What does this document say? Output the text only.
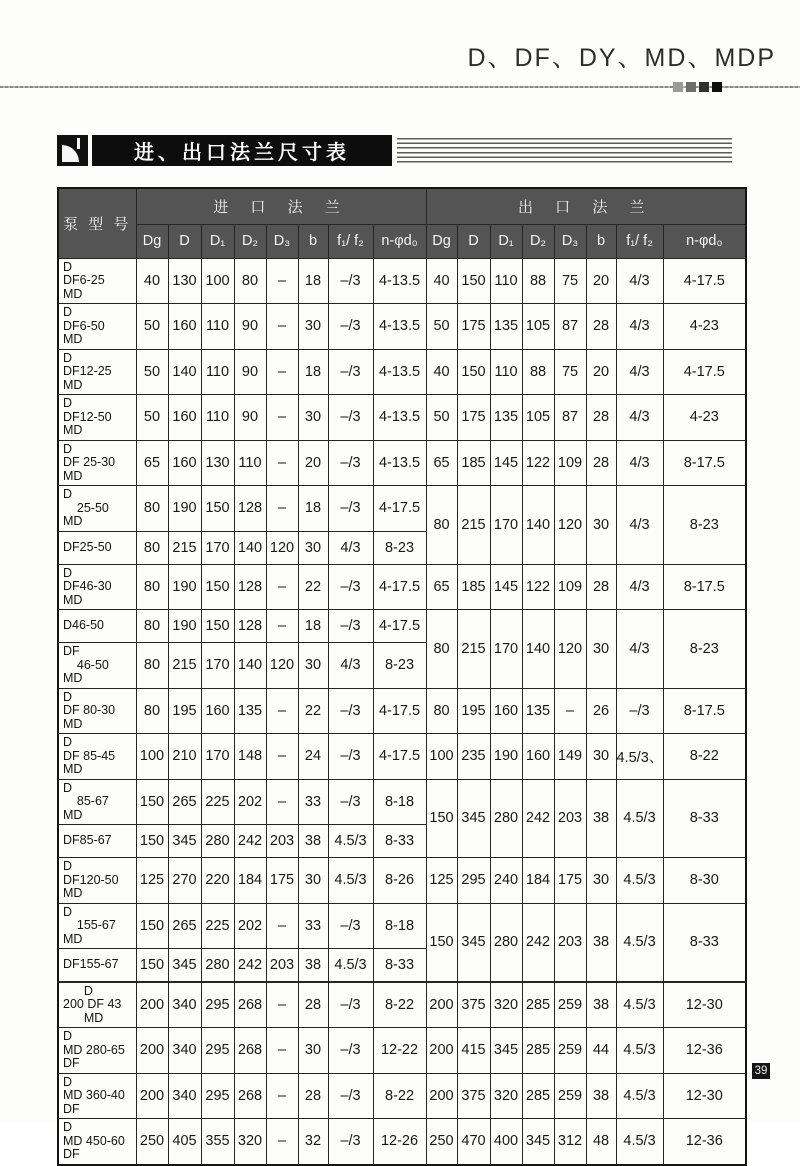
D、DF、DY、MD、MDP
进、出口法兰尺寸表
泵 型 号	进 口 法 兰								出 口 法 兰							
	Dg	D	D₁	D₂	D₃	b	f₁/ f₂	n-φd₀	Dg	D	D₁	D₂	D₃	b	f₁/ f₂	n-φd₀

D
DF6-25
MD	40	130	100	80	–	18	–/3	4-13.5	40	150	110	88	75	20	4/3	4-17.5

D
DF6-50
MD	50	160	110	90	–	30	–/3	4-13.5	50	175	135	105	87	28	4/3	4-23

D
DF12-25
MD	50	140	110	90	–	18	–/3	4-13.5	40	150	110	88	75	20	4/3	4-17.5

D
DF12-50
MD	50	160	110	90	–	30	–/3	4-13.5	50	175	135	105	87	28	4/3	4-23

D
DF 25-30
MD	65	160	130	110	–	20	–/3	4-13.5	65	185	145	122	109	28	4/3	8-17.5

D
25-50
MD	80	190	150	128	–	18	–/3	4-17.5	80	215	170	140	120	30	4/3	8-23

DF25-50	80	215	170	140	120	30	4/3	8-23								

D
DF46-30
MD	80	190	150	128	–	22	–/3	4-17.5	65	185	145	122	109	28	4/3	8-17.5

D46-50	80	190	150	128	–	18	–/3	4-17.5	80	215	170	140	120	30	4/3	8-23

DF
46-50
MD	80	215	170	140	120	30	4/3	8-23								

D
DF 80-30
MD	80	195	160	135	–	22	–/3	4-17.5	80	195	160	135	–	26	–/3	8-17.5

D
DF 85-45
MD	100	210	170	148	–	24	–/3	4-17.5	100	235	190	160	149	30	4.5/3、	8-22

D
85-67
MD	150	265	225	202	–	33	–/3	8-18	150	345	280	242	203	38	4.5/3	8-33

DF85-67	150	345	280	242	203	38	4.5/3	8-33								

D
DF120-50
MD	125	270	220	184	175	30	4.5/3	8-26	125	295	240	184	175	30	4.5/3	8-30

D
155-67
MD	150	265	225	202	–	33	–/3	8-18	150	345	280	242	203	38	4.5/3	8-33

DF155-67	150	345	280	242	203	38	4.5/3	8-33								

D
200 DF 43
MD	200	340	295	268	–	28	–/3	8-22	200	375	320	285	259	38	4.5/3	12-30

D
MD 280-65
DF	200	340	295	268	–	30	–/3	12-22	200	415	345	285	259	44	4.5/3	12-36

D
MD 360-40
DF	200	340	295	268	–	28	–/3	8-22	200	375	320	285	259	38	4.5/3	12-30

D
MD 450-60
DF	250	405	355	320	–	32	–/3	12-26	250	470	400	345	312	48	4.5/3	12-36
39
